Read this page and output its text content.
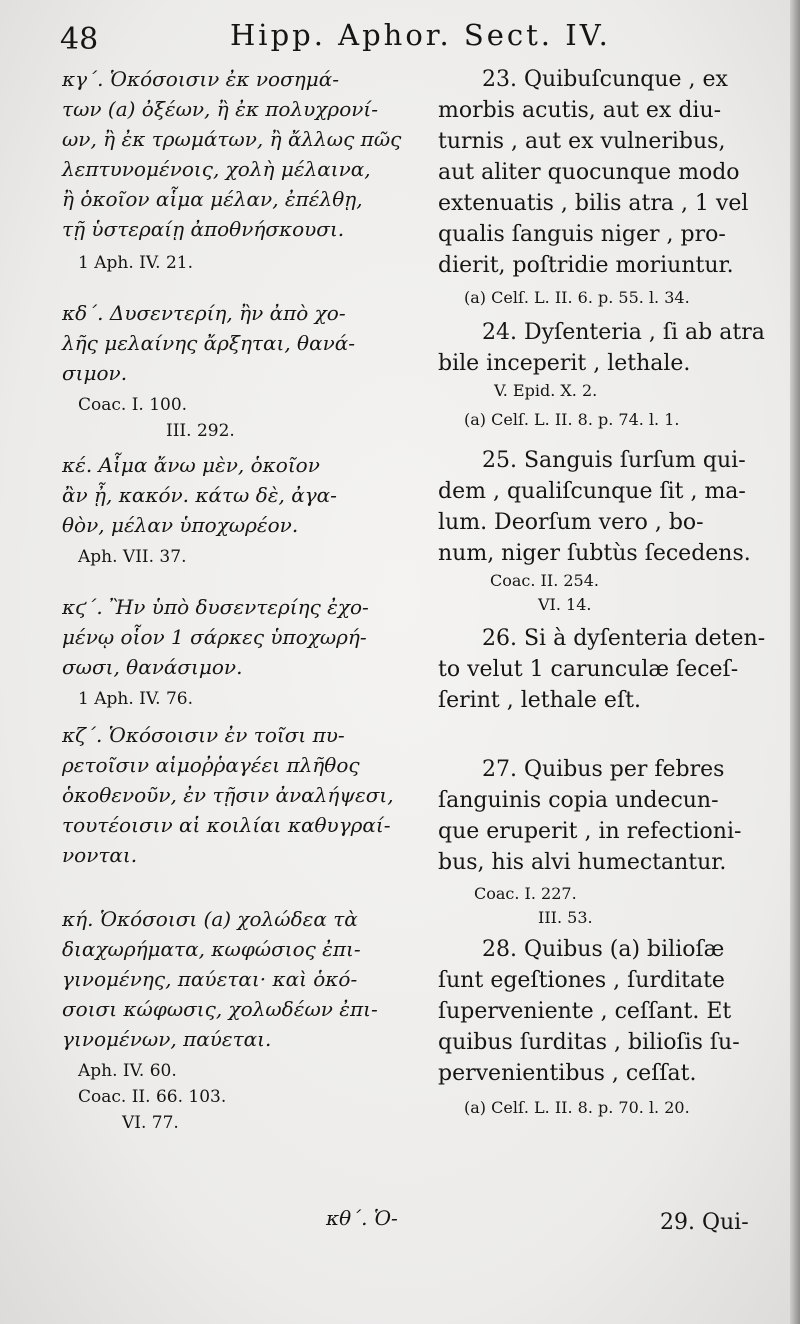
48	Hipp. Aphor. Sect. IV.

κγ΄. Ὁκόσοισιν ἐκ νοσημά-

των (a) ὀξέων, ἢ ἐκ πολυχρονί-

ων, ἢ ἐκ τρωμάτων, ἢ ἄλλως πῶς

λεπτυνομένοις, χολὴ μέλαινα,

ἢ ὁκοῖον αἷμα μέλαν, ἐπέλθῃ,

τῇ ὑστεραίῃ ἀποθνήσκουσι.

1 Aph. IV. 21.

κδ΄. Δυσεντερίη, ἢν ἀπὸ χο-

λῆς μελαίνης ἄρξηται, θανά-

σιμον.

Coac. I. 100.

III. 292.

κέ. Αἷμα ἄνω μὲν, ὁκοῖον

ἂν ᾖ, κακόν. κάτω δὲ, ἀγα-

θὸν, μέλαν ὑποχωρέον.

Aph. VII. 37.

κϛ΄. Ἢν ὑπὸ δυσεντερίης ἐχο-

μένῳ οἷον 1 σάρκες ὑποχωρή-

σωσι, θανάσιμον.

1 Aph. IV. 76.

κζ΄. Ὁκόσοισιν ἐν τοῖσι πυ-

ρετοῖσιν αἱμοῤῥαγέει πλῆθος

ὁκοθενοῦν, ἐν τῇσιν ἀναλήψεσι,

τουτέοισιν αἱ κοιλίαι καθυγραί-

νονται.

κή. Ὁκόσοισι (a) χολώδεα τὰ

διαχωρήματα, κωφώσιος ἐπι-

γινομένης, παύεται· καὶ ὁκό-

σοισι κώφωσις, χολωδέων ἐπι-

γινομένων, παύεται.

Aph. IV. 60.

Coac. II. 66. 103.

VI. 77.

23. Quibuſcunque , ex

morbis acutis, aut ex diu-

turnis , aut ex vulneribus,

aut aliter quocunque modo

extenuatis , bilis atra , 1 vel

qualis ſanguis niger , pro-

dierit, poſtridie moriuntur.

(a) Celſ. L. II. 6. p. 55. l. 34.

24. Dyſenteria , ſi ab atra

bile inceperit , lethale.

V. Epid. X. 2.

(a) Celſ. L. II. 8. p. 74. l. 1.

25. Sanguis ſurſum qui-

dem , qualiſcunque ſit , ma-

lum. Deorſum vero , bo-

num, niger ſubtùs ſecedens.

Coac. II. 254.

VI. 14.

26. Si à dyſenteria deten-

to velut 1 carunculæ ſeceſ-

ſerint , lethale eſt.

27. Quibus per febres

ſanguinis copia undecun-

que eruperit , in refectioni-

bus, his alvi humectantur.

Coac. I. 227.

III. 53.

28. Quibus (a) bilioſæ

ſunt egeſtiones , ſurditate

ſuperveniente , ceſſant. Et

quibus ſurditas , bilioſis ſu-

pervenientibus , ceſſat.

(a) Celſ. L. II. 8. p. 70. l. 20.

κθ΄. Ὁ-	29. Qui-
